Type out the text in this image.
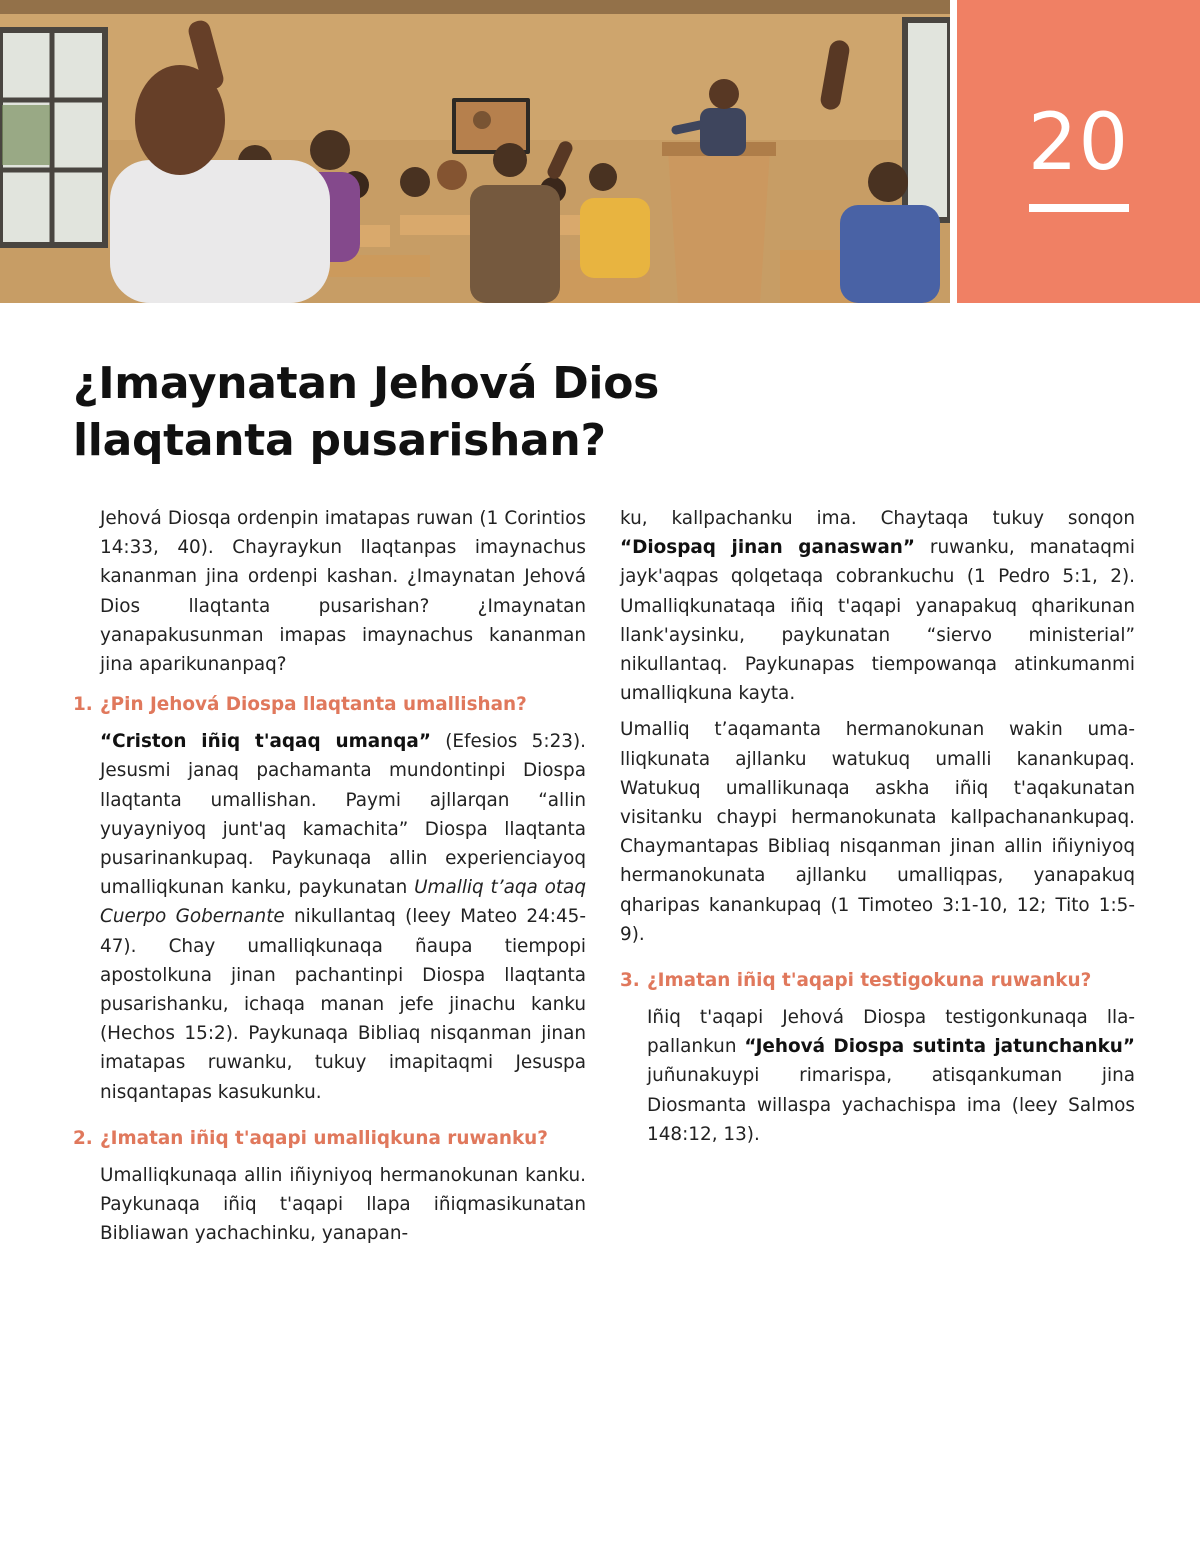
20
¿Imaynatan Jehová Dios
llaqtanta pusarishan?

Jehová Diosqa ordenpin imatapas ruwan (1 Corintios 14:33, 40). Chayraykun llaqtanpas imaynachus kananman jina ordenpi kashan. ¿Imaynatan Jehová Dios llaqtanta pusarishan? ¿Imaynatan yanapakusunman imapas imaynachus kananman jina aparikunanpaq?

1. ¿Pin Jehová Diospa llaqtanta umallishan?

“Criston iñiq t'aqaq umanqa” (Efesios 5:23). Jesusmi janaq pachamanta mundontinpi Diospa llaqtanta umallishan. Paymi ajllarqan “allin yuyayniyoq junt'aq kamachita” Diospa llaqtanta pusarinankupaq. Paykunaqa allin experienciayoq umalliqkunan kanku, paykunatan Umalliq t’aqa otaq Cuerpo Gobernante nikullantaq (leey Mateo 24:45-47). Chay umalliqkunaqa ñaupa tiempopi apostolkuna jinan pachantinpi Diospa llaqtanta pusarishanku, ichaqa manan jefe jinachu kanku (Hechos 15:2). Paykunaqa Bibliaq nisqanman jinan imatapas ruwanku, tukuy imapitaqmi Jesuspa nisqantapas kasukunku.

2. ¿Imatan iñiq t'aqapi umalliqkuna ruwanku?

Umalliqkunaqa allin iñiyniyoq hermanokunan kanku. Paykunaqa iñiq t'aqapi llapa iñiqmasikunatan Bibliawan yachachinku, yanapan-

ku, kallpachanku ima. Chaytaqa tukuy sonqon “Diospaq jinan ganaswan” ruwanku, manataqmi jayk'aqpas qolqetaqa cobrankuchu (1 Pedro 5:1, 2). Umalliqkunataqa iñiq t'aqapi yanapakuq qharikunan llank'aysinku, paykunatan “siervo ministerial” nikullantaq. Paykunapas tiempowanqa atinkumanmi umalliqkuna kayta.

Umalliq t’aqamanta hermanokunan wakin umalliqkunata ajllanku watukuq umalli kanankupaq. Watukuq umallikunaqa askha iñiq t'aqakunatan visitanku chaypi hermanokunata kallpachanankupaq. Chaymantapas Bibliaq nisqanman jinan allin iñiyniyoq hermanokunata ajllanku umalliqpas, yanapakuq qharipas kanankupaq (1 Timoteo 3:1-10, 12; Tito 1:5-9).

3. ¿Imatan iñiq t'aqapi testigokuna ruwanku?

Iñiq t'aqapi Jehová Diospa testigonkunaqa llapallankun “Jehová Diospa sutinta jatunchanku” juñunakuypi rimarispa, atisqankuman jina Diosmanta willaspa yachachispa ima (leey Salmos 148:12, 13).
